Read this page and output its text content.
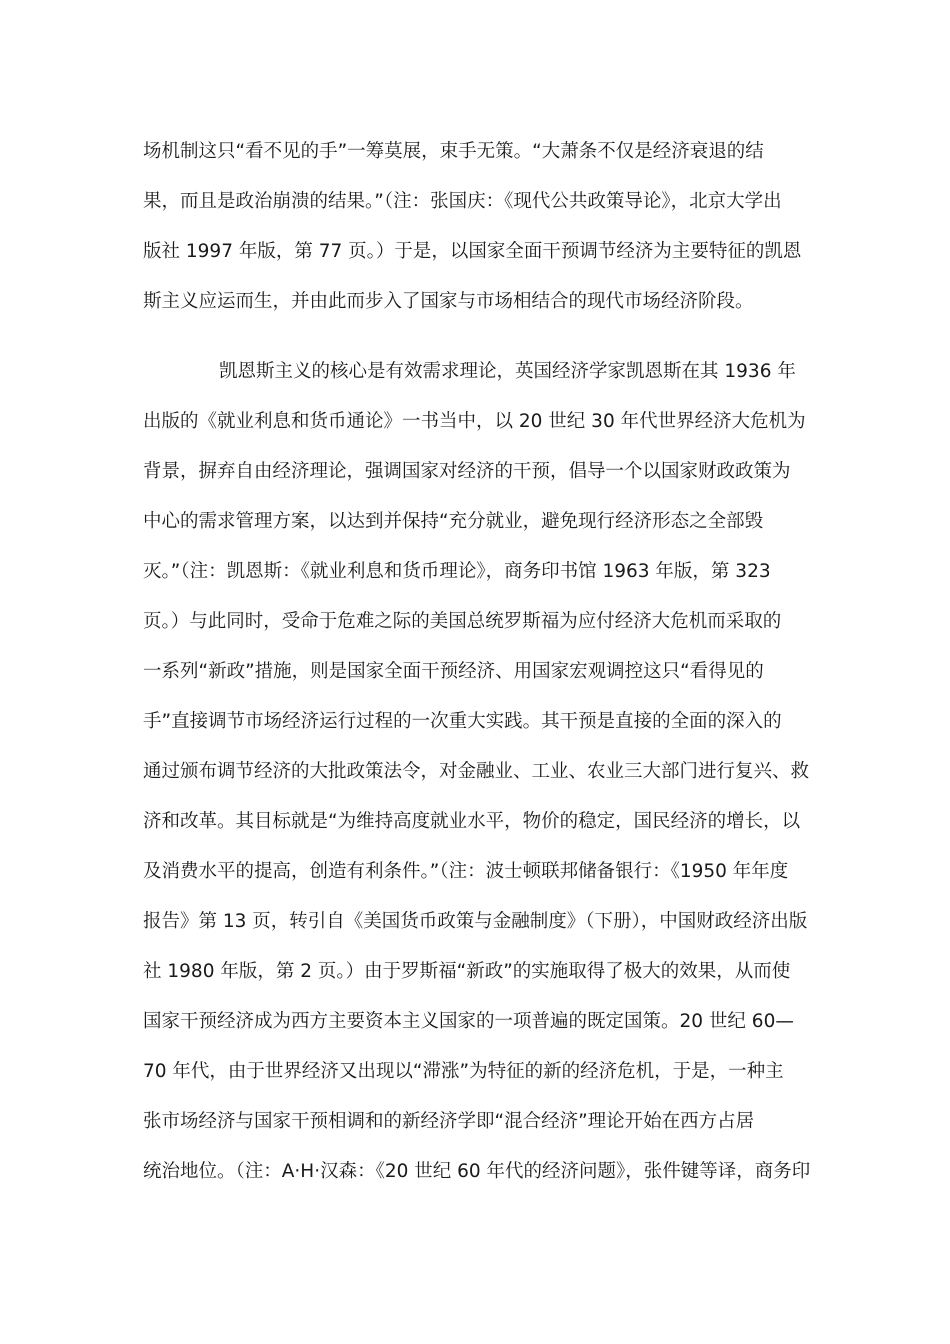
场机制这只“看不见的手”一筹莫展，束手无策。“大萧条不仅是经济衰退的结
果，而且是政治崩溃的结果。”（注：张国庆：《现代公共政策导论》，北京大学出
版社 1997 年版，第 77 页。）于是，以国家全面干预调节经济为主要特征的凯恩
斯主义应运而生，并由此而步入了国家与市场相结合的现代市场经济阶段。
凯恩斯主义的核心是有效需求理论，英国经济学家凯恩斯在其 1936 年
出版的《就业利息和货币通论》一书当中，以 20 世纪 30 年代世界经济大危机为
背景，摒弃自由经济理论，强调国家对经济的干预，倡导一个以国家财政政策为
中心的需求管理方案，以达到并保持“充分就业，避免现行经济形态之全部毁
灭。”（注：凯恩斯：《就业利息和货币理论》，商务印书馆 1963 年版，第 323
页。）与此同时，受命于危难之际的美国总统罗斯福为应付经济大危机而采取的
一系列“新政”措施，则是国家全面干预经济、用国家宏观调控这只“看得见的
手”直接调节市场经济运行过程的一次重大实践。其干预是直接的全面的深入的
通过颁布调节经济的大批政策法令，对金融业、工业、农业三大部门进行复兴、救
济和改革。其目标就是“为维持高度就业水平，物价的稳定，国民经济的增长，以
及消费水平的提高，创造有利条件。”（注：波士顿联邦储备银行：《1950 年年度
报告》第 13 页，转引自《美国货币政策与金融制度》（下册），中国财政经济出版
社 1980 年版，第 2 页。）由于罗斯福“新政”的实施取得了极大的效果，从而使
国家干预经济成为西方主要资本主义国家的一项普遍的既定国策。20 世纪 60—
70 年代，由于世界经济又出现以“滞涨”为特征的新的经济危机，于是，一种主
张市场经济与国家干预相调和的新经济学即“混合经济”理论开始在西方占居
统治地位。（注：A·H·汉森：《20 世纪 60 年代的经济问题》，张件键等译，商务印
